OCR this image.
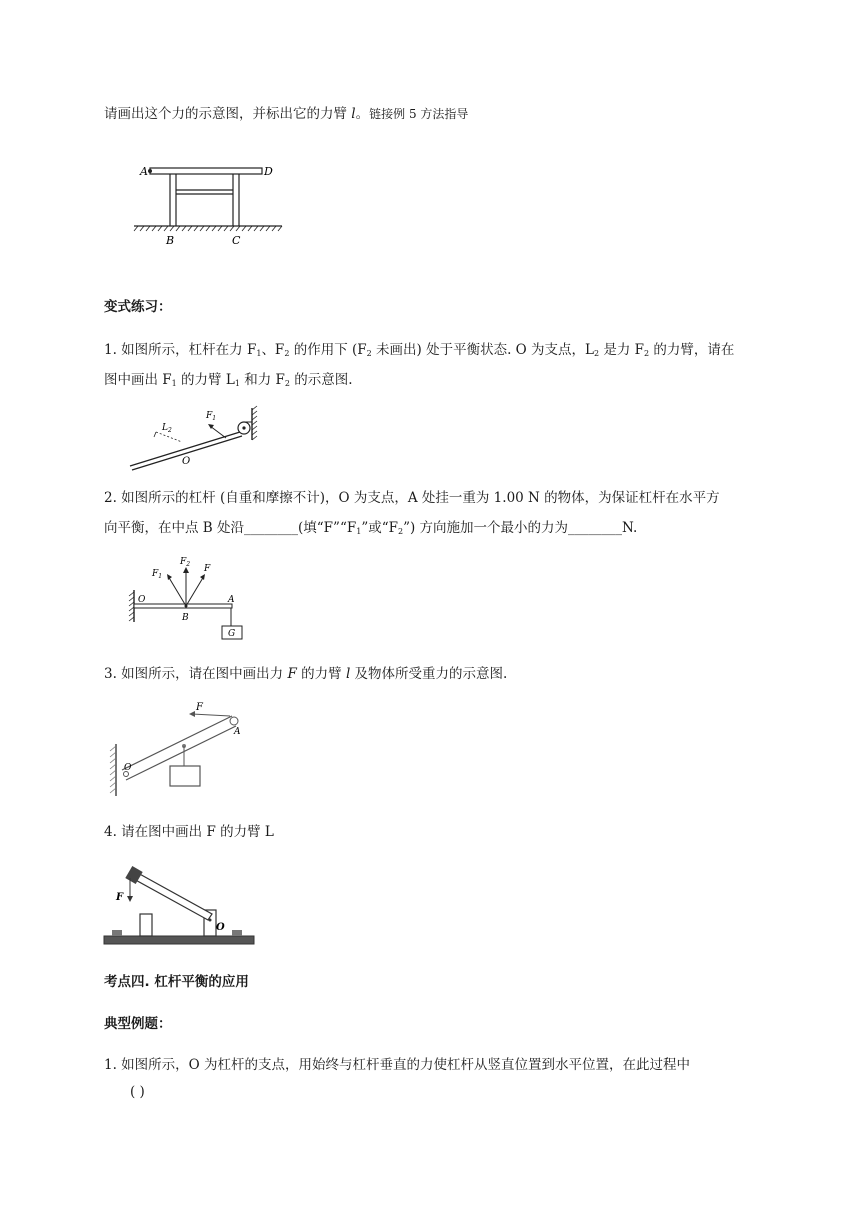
请画出这个力的示意图，并标出它的力臂 l。链接例 5 方法指导
A	D
B	C
变式练习：
1. 如图所示，杠杆在力 $F_1$、$F_2$ 的作用下 ($F_2$ 未画出) 处于平衡状态. O 为支点，$L_2$ 是力 $F_2$ 的力臂，请在
图中画出 $F_1$ 的力臂 $L_1$ 和力 $F_2$ 的示意图.
$L_2$
$F_1$
O
2. 如图所示的杠杆 (自重和摩擦不计)，O 为支点，A 处挂一重为 1.00 N 的物体，为保证杠杆在水平方
向平衡，在中点 B 处沿________(填“$F”“F_1$”或“$F_2$”) 方向施加一个最小的力为________N.
G
$F_1$
$F_2$ F
O
B
A
3. 如图所示，请在图中画出力 F 的力臂 l 及物体所受重力的示意图.
F
A
O
4. 请在图中画出 F 的力臂 L
F
O
考点四. 杠杆平衡的应用
典型例题：
1. 如图所示，O 为杠杆的支点，用始终与杠杆垂直的力使杠杆从竖直位置到水平位置，在此过程中
( )
